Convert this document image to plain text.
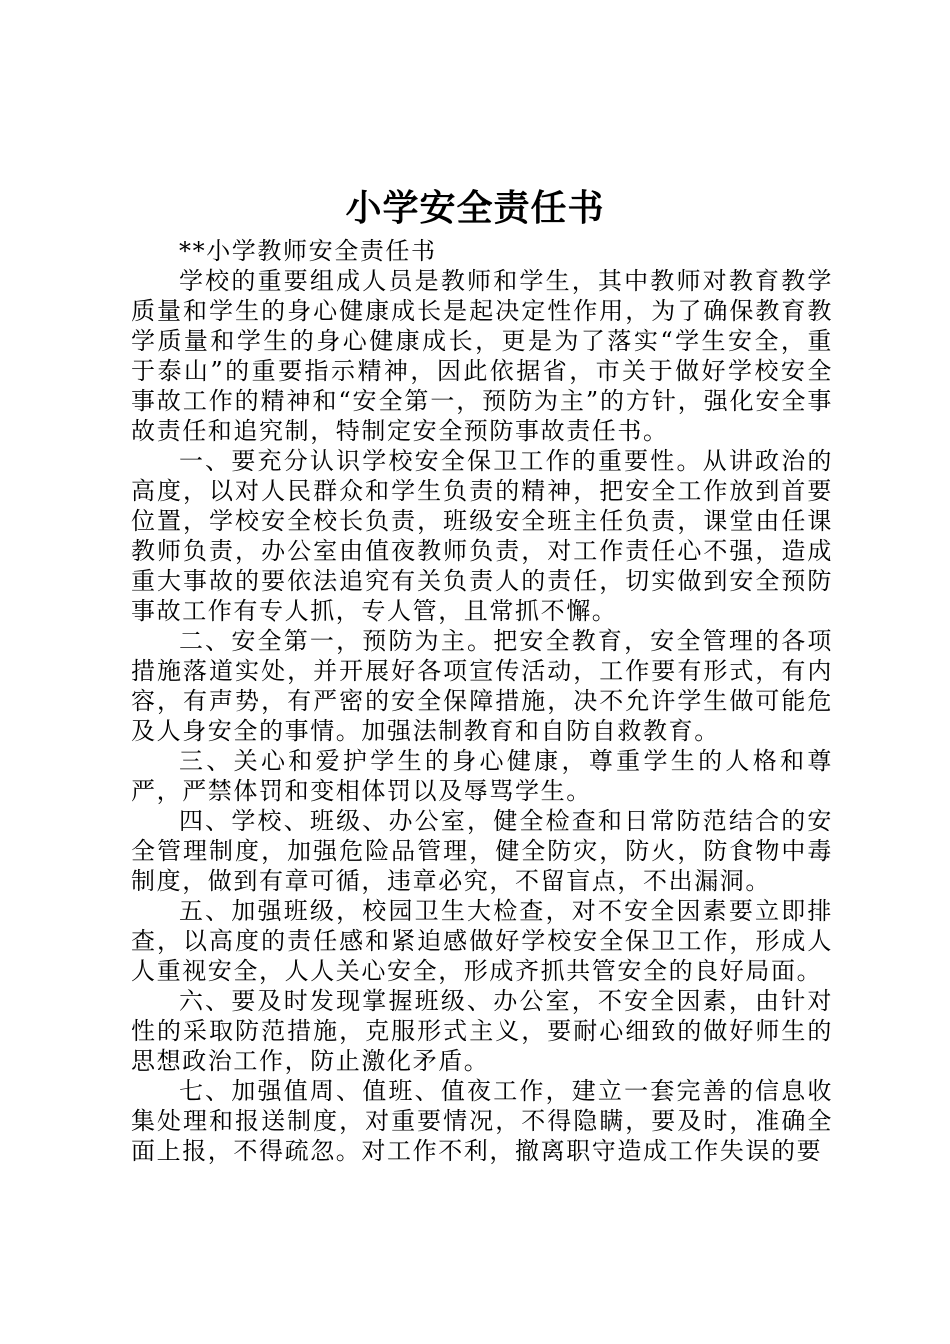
小学安全责任书

**小学教师安全责任书

学校的重要组成人员是教师和学生，其中教师对教育教学质量和学生的身心健康成长是起决定性作用，为了确保教育教学质量和学生的身心健康成长，更是为了落实“学生安全，重于泰山”的重要指示精神，因此依据省，市关于做好学校安全事故工作的精神和“安全第一，预防为主”的方针，强化安全事故责任和追究制，特制定安全预防事故责任书。

一、要充分认识学校安全保卫工作的重要性。从讲政治的高度，以对人民群众和学生负责的精神，把安全工作放到首要位置，学校安全校长负责，班级安全班主任负责，课堂由任课教师负责，办公室由值夜教师负责，对工作责任心不强，造成重大事故的要依法追究有关负责人的责任，切实做到安全预防事故工作有专人抓，专人管，且常抓不懈。

二、安全第一，预防为主。把安全教育，安全管理的各项措施落道实处，并开展好各项宣传活动，工作要有形式，有内容，有声势，有严密的安全保障措施，决不允许学生做可能危及人身安全的事情。加强法制教育和自防自救教育。

三、关心和爱护学生的身心健康，尊重学生的人格和尊严，严禁体罚和变相体罚以及辱骂学生。

四、学校、班级、办公室，健全检查和日常防范结合的安全管理制度，加强危险品管理，健全防灾，防火，防食物中毒制度，做到有章可循，违章必究，不留盲点，不出漏洞。

五、加强班级，校园卫生大检查，对不安全因素要立即排查，以高度的责任感和紧迫感做好学校安全保卫工作，形成人人重视安全，人人关心安全，形成齐抓共管安全的良好局面。

六、要及时发现掌握班级、办公室，不安全因素，由针对性的采取防范措施，克服形式主义，要耐心细致的做好师生的思想政治工作，防止激化矛盾。

七、加强值周、值班、值夜工作，建立一套完善的信息收集处理和报送制度，对重要情况，不得隐瞒，要及时，准确全面上报，不得疏忽。对工作不利，撤离职守造成工作失误的要
